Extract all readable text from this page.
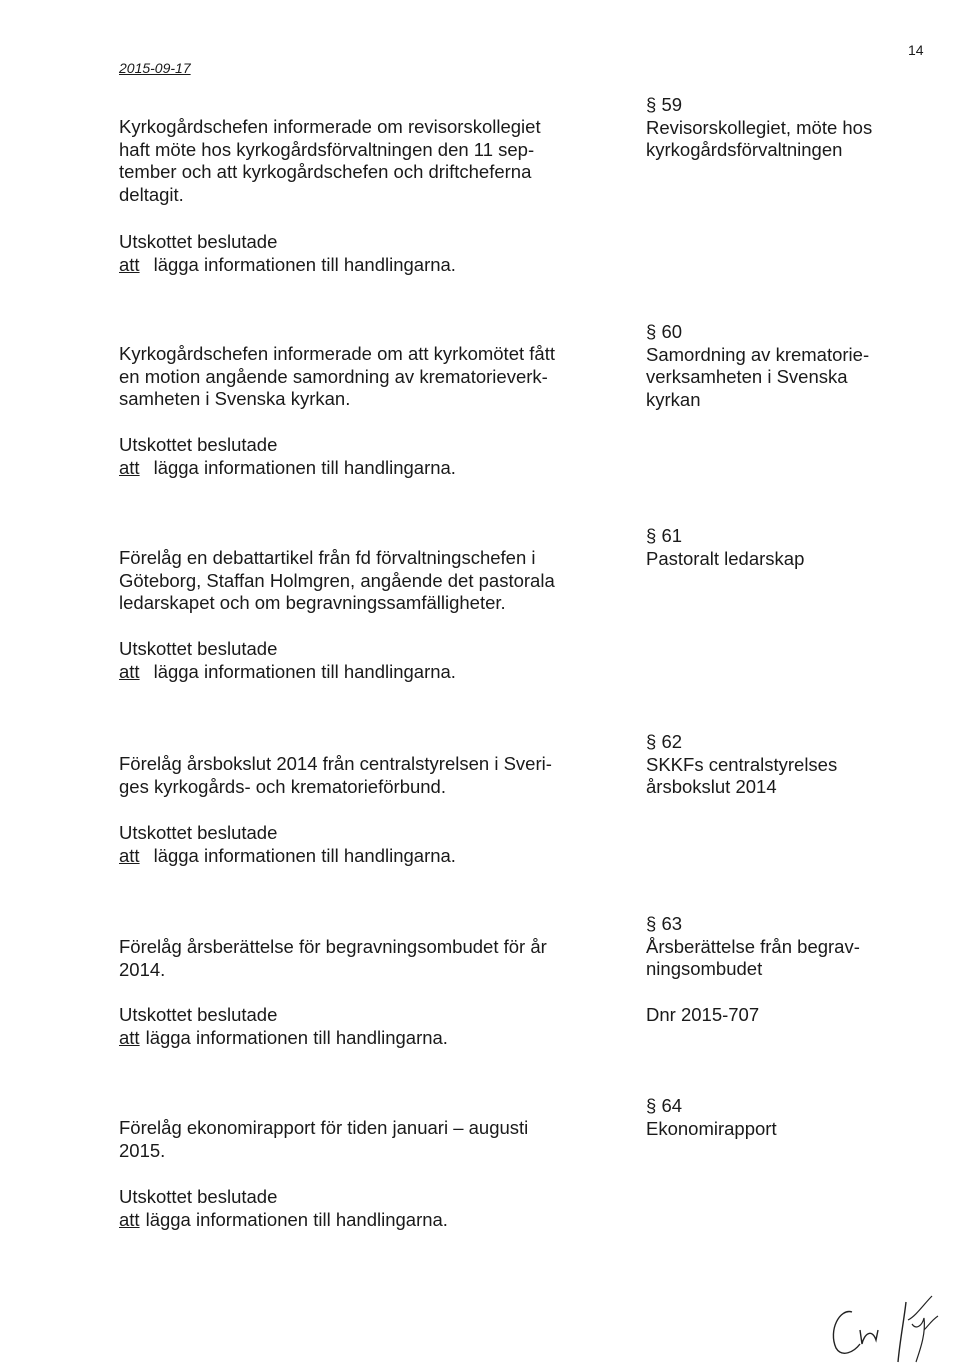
2015-09-17
14
§ 59
Revisorskollegiet, möte hos
kyrkogårdsförvaltningen
Kyrkogårdschefen informerade om revisorskollegiet
haft möte hos kyrkogårdsförvaltningen den 11 sep-
tember och att kyrkogårdschefen och driftcheferna
deltagit.
Utskottet beslutade
att lägga informationen till handlingarna.
§ 60
Samordning av krematorie-
verksamheten i Svenska
kyrkan
Kyrkogårdschefen informerade om att kyrkomötet fått
en motion angående samordning av krematorieverk-
samheten i Svenska kyrkan.
Utskottet beslutade
att lägga informationen till handlingarna.
§ 61
Pastoralt ledarskap
Förelåg en debattartikel från fd förvaltningschefen i
Göteborg, Staffan Holmgren, angående det pastorala
ledarskapet och om begravningssamfälligheter.
Utskottet beslutade
att lägga informationen till handlingarna.
§ 62
SKKFs centralstyrelses
årsbokslut 2014
Förelåg årsbokslut 2014 från centralstyrelsen i Sveri-
ges kyrkogårds- och krematorieförbund.
Utskottet beslutade
att lägga informationen till handlingarna.
§ 63
Årsberättelse från begrav-
ningsombudet
Förelåg årsberättelse för begravningsombudet för år
2014.
Utskottet beslutade
att lägga informationen till handlingarna.
Dnr 2015-707
§ 64
Ekonomirapport
Förelåg ekonomirapport för tiden januari – augusti
2015.
Utskottet beslutade
att lägga informationen till handlingarna.
